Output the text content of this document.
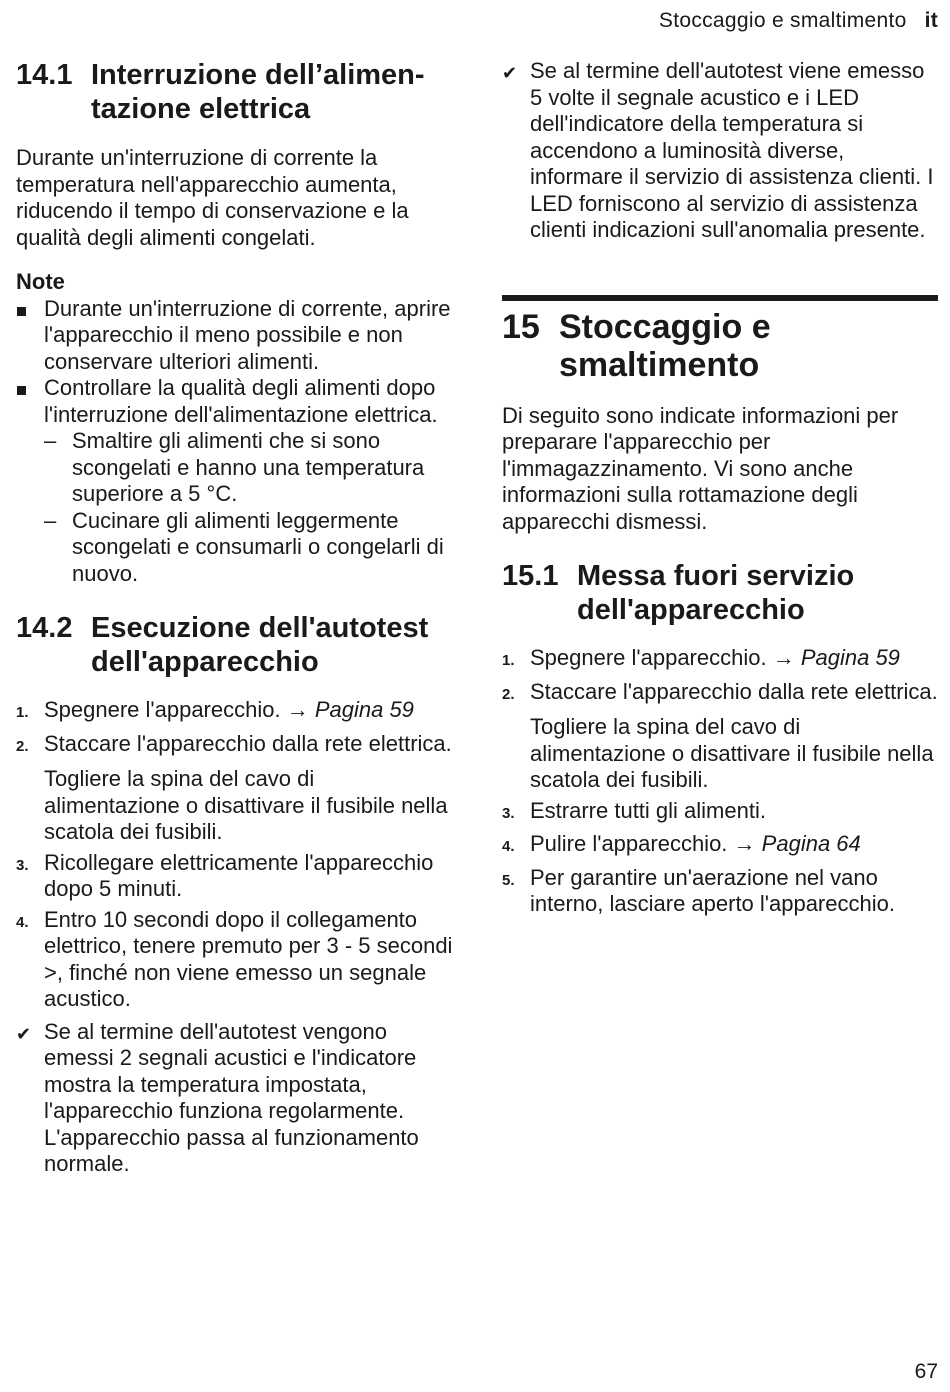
Stoccaggio e smaltimento it
14.1 Interruzione dell’alimen-tazione elettrica

Durante un'interruzione di corrente la temperatura nell'apparecchio aumenta, riducendo il tempo di conservazione e la qualità degli alimenti congelati.

Note
Durante un'interruzione di corrente, aprire l'apparecchio il meno possibile e non conservare ulteriori alimenti.
Controllare la qualità degli alimenti dopo l'interruzione dell'alimentazione elettrica.
– Smaltire gli alimenti che si sono scongelati e hanno una temperatura superiore a 5 °C.
– Cucinare gli alimenti leggermente scongelati e consumarli o congelarli di nuovo.
14.2 Esecuzione dell'autotest dell'apparecchio
1. Spegnere l'apparecchio. → Pagina 59
2. Staccare l'apparecchio dalla rete elettrica.
Togliere la spina del cavo di alimentazione o disattivare il fusibile nella scatola dei fusibili.
3. Ricollegare elettricamente l'apparecchio dopo 5 minuti.
4. Entro 10 secondi dopo il collegamento elettrico, tenere premuto per 3 - 5 secondi >, finché non viene emesso un segnale acustico.
✔ Se al termine dell'autotest vengono emessi 2 segnali acustici e l'indicatore mostra la temperatura impostata, l'apparecchio funziona regolarmente. L'apparecchio passa al funzionamento normale.
✔ Se al termine dell'autotest viene emesso 5 volte il segnale acustico e i LED dell'indicatore della temperatura si accendono a luminosità diverse, informare il servizio di assistenza clienti. I LED forniscono al servizio di assistenza clienti indicazioni sull'anomalia presente.
15 Stoccaggio e smaltimento

Di seguito sono indicate informazioni per preparare l'apparecchio per l'immagazzinamento. Vi sono anche informazioni sulla rottamazione degli apparecchi dismessi.

15.1 Messa fuori servizio dell'apparecchio
1. Spegnere l'apparecchio. → Pagina 59
2. Staccare l'apparecchio dalla rete elettrica.
Togliere la spina del cavo di alimentazione o disattivare il fusibile nella scatola dei fusibili.
3. Estrarre tutti gli alimenti.
4. Pulire l'apparecchio. → Pagina 64
5. Per garantire un'aerazione nel vano interno, lasciare aperto l'apparecchio.
67
